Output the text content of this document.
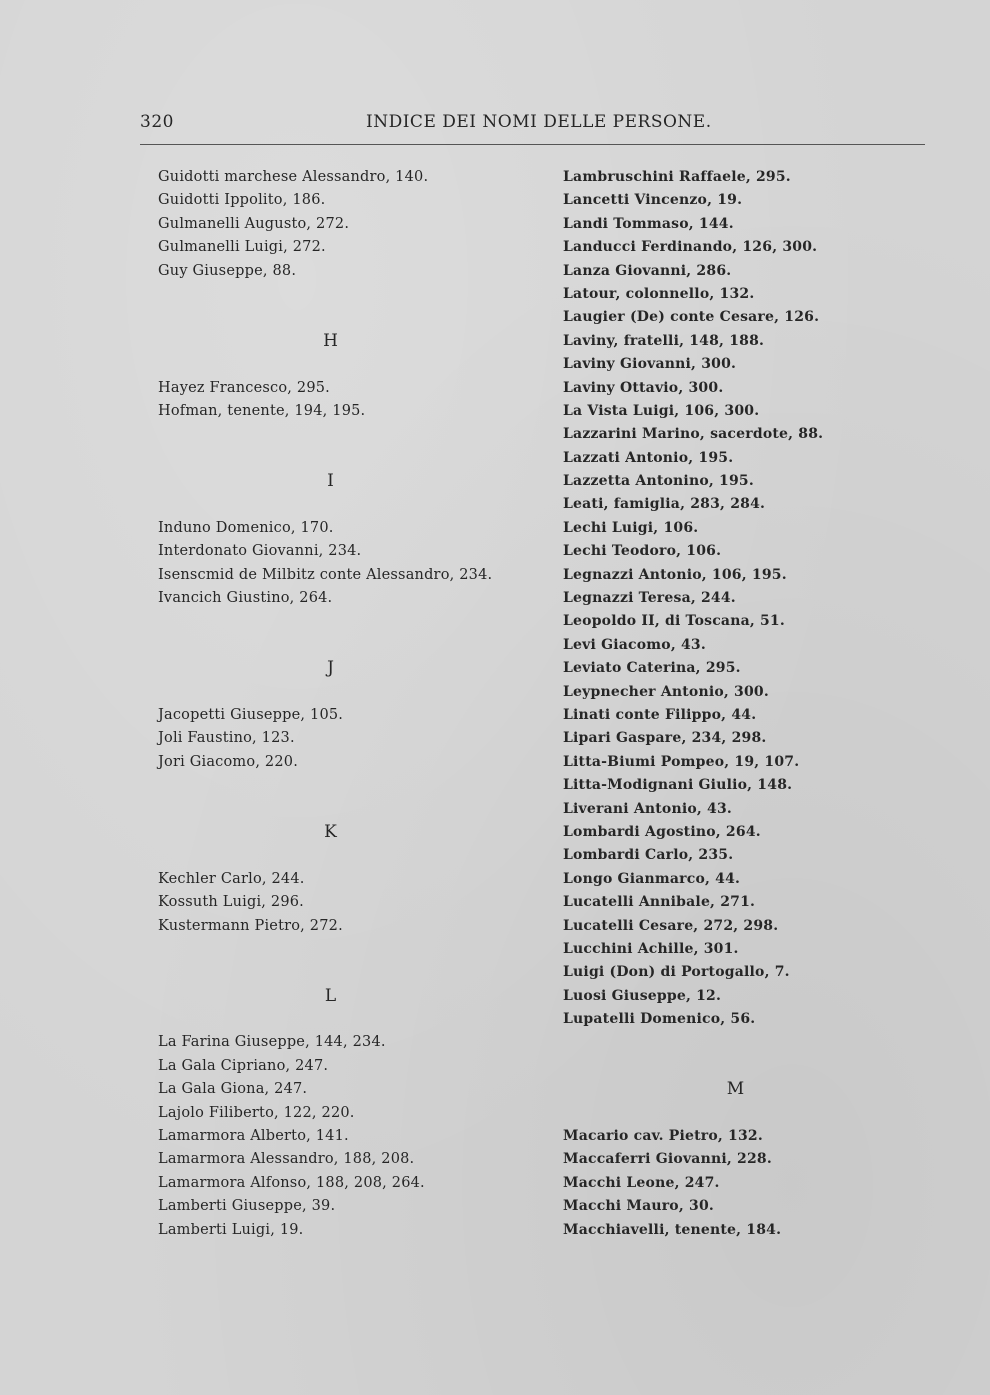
320	INDICE DEI NOMI DELLE PERSONE.
Guidotti marchese Alessandro, 140.
Guidotti Ippolito, 186.
Gulmanelli Augusto, 272.
Gulmanelli Luigi, 272.
Guy Giuseppe, 88.
H
Hayez Francesco, 295.
Hofman, tenente, 194, 195.
I
Induno Domenico, 170.
Interdonato Giovanni, 234.
Isenscmid de Milbitz conte Alessandro, 234.
Ivancich Giustino, 264.
J
Jacopetti Giuseppe, 105.
Joli Faustino, 123.
Jori Giacomo, 220.
K
Kechler Carlo, 244.
Kossuth Luigi, 296.
Kustermann Pietro, 272.
L
La Farina Giuseppe, 144, 234.
La Gala Cipriano, 247.
La Gala Giona, 247.
Lajolo Filiberto, 122, 220.
Lamarmora Alberto, 141.
Lamarmora Alessandro, 188, 208.
Lamarmora Alfonso, 188, 208, 264.
Lamberti Giuseppe, 39.
Lamberti Luigi, 19.
Lambruschini Raffaele, 295.
Lancetti Vincenzo, 19.
Landi Tommaso, 144.
Landucci Ferdinando, 126, 300.
Lanza Giovanni, 286.
Latour, colonnello, 132.
Laugier (De) conte Cesare, 126.
Laviny, fratelli, 148, 188.
Laviny Giovanni, 300.
Laviny Ottavio, 300.
La Vista Luigi, 106, 300.
Lazzarini Marino, sacerdote, 88.
Lazzati Antonio, 195.
Lazzetta Antonino, 195.
Leati, famiglia, 283, 284.
Lechi Luigi, 106.
Lechi Teodoro, 106.
Legnazzi Antonio, 106, 195.
Legnazzi Teresa, 244.
Leopoldo II, di Toscana, 51.
Levi Giacomo, 43.
Leviato Caterina, 295.
Leypnecher Antonio, 300.
Linati conte Filippo, 44.
Lipari Gaspare, 234, 298.
Litta-Biumi Pompeo, 19, 107.
Litta-Modignani Giulio, 148.
Liverani Antonio, 43.
Lombardi Agostino, 264.
Lombardi Carlo, 235.
Longo Gianmarco, 44.
Lucatelli Annibale, 271.
Lucatelli Cesare, 272, 298.
Lucchini Achille, 301.
Luigi (Don) di Portogallo, 7.
Luosi Giuseppe, 12.
Lupatelli Domenico, 56.
M
Macario cav. Pietro, 132.
Maccaferri Giovanni, 228.
Macchi Leone, 247.
Macchi Mauro, 30.
Macchiavelli, tenente, 184.
